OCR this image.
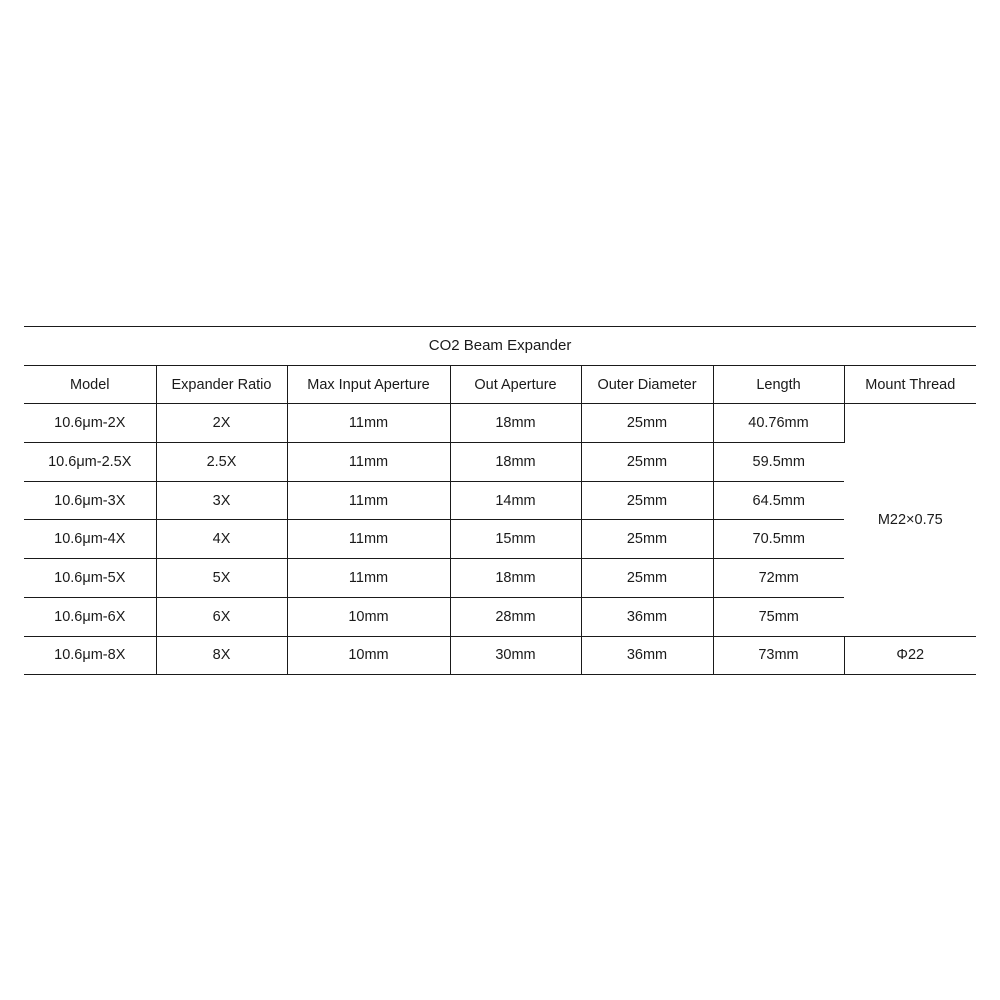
CO2 Beam Expander						
Model	Expander Ratio	Max Input Aperture	Out Aperture	Outer Diameter	Length	Mount Thread
10.6μm-2X	2X	11mm	18mm	25mm	40.76mm	M22×0.75
10.6μm-2.5X	2.5X	11mm	18mm	25mm	59.5mm	
10.6μm-3X	3X	11mm	14mm	25mm	64.5mm	
10.6μm-4X	4X	11mm	15mm	25mm	70.5mm	
10.6μm-5X	5X	11mm	18mm	25mm	72mm	
10.6μm-6X	6X	10mm	28mm	36mm	75mm	
10.6μm-8X	8X	10mm	30mm	36mm	73mm	Φ22
